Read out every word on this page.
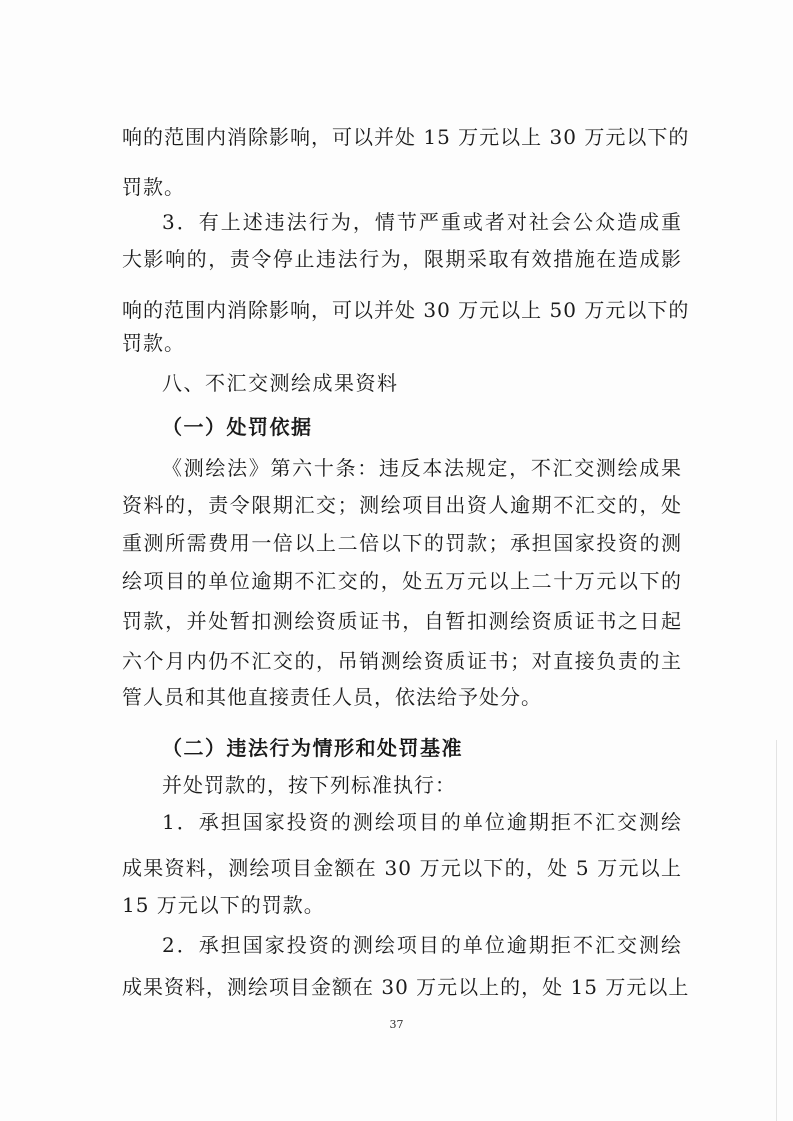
响的范围内消除影响，可以并处 15 万元以上 30 万元以下的
罚款。
3．有上述违法行为，情节严重或者对社会公众造成重
大影响的，责令停止违法行为，限期采取有效措施在造成影
响的范围内消除影响，可以并处 30 万元以上 50 万元以下的
罚款。
八、不汇交测绘成果资料
（一）处罚依据
《测绘法》第六十条：违反本法规定，不汇交测绘成果
资料的，责令限期汇交；测绘项目出资人逾期不汇交的，处
重测所需费用一倍以上二倍以下的罚款；承担国家投资的测
绘项目的单位逾期不汇交的，处五万元以上二十万元以下的
罚款，并处暂扣测绘资质证书，自暂扣测绘资质证书之日起
六个月内仍不汇交的，吊销测绘资质证书；对直接负责的主
管人员和其他直接责任人员，依法给予处分。
（二）违法行为情形和处罚基准
并处罚款的，按下列标准执行：
1．承担国家投资的测绘项目的单位逾期拒不汇交测绘
成果资料，测绘项目金额在 30 万元以下的，处 5 万元以上
15 万元以下的罚款。
2．承担国家投资的测绘项目的单位逾期拒不汇交测绘
成果资料，测绘项目金额在 30 万元以上的，处 15 万元以上
37
